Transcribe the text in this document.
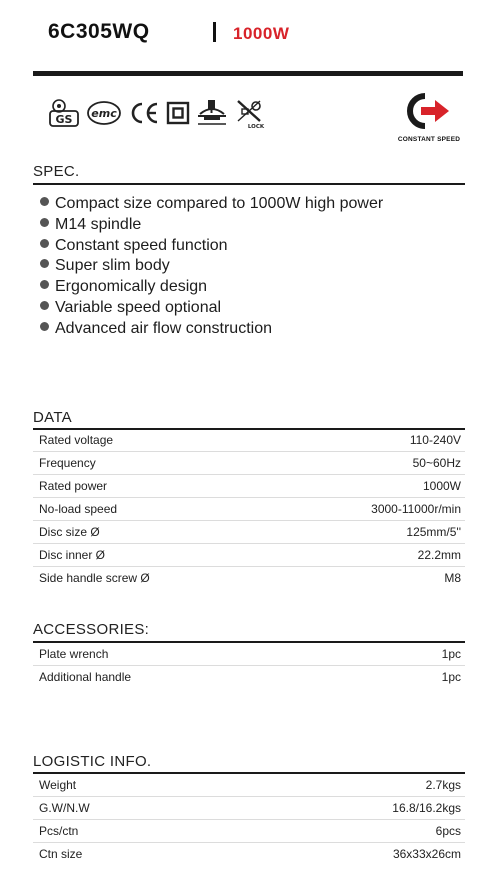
6C305WQ	1000W
GS emc
LOCK
CONSTANT SPEED
SPEC.
Compact size compared to 1000W high power
M14 spindle
Constant speed function
Super slim body
Ergonomically design
Variable speed optional
Advanced air flow construction
DATA
Rated voltage	110-240V
Frequency	50~60Hz
Rated power	1000W
No-load speed	3000-11000r/min
Disc size Ø	125mm/5''
Disc inner Ø	22.2mm
Side handle screw Ø	M8
ACCESSORIES:
Plate wrench	1pc
Additional handle	1pc
LOGISTIC INFO.
Weight	2.7kgs
G.W/N.W	16.8/16.2kgs
Pcs/ctn	6pcs
Ctn size	36x33x26cm
